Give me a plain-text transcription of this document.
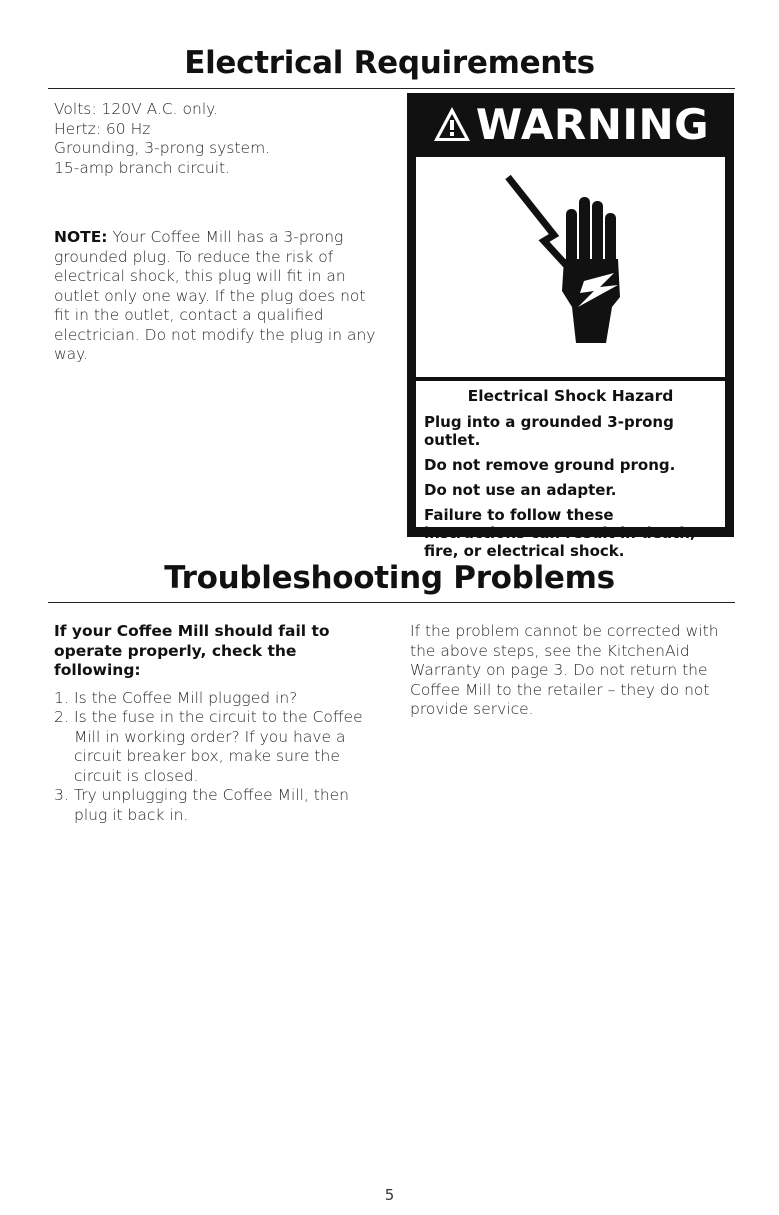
Electrical Requirements
Volts: 120V A.C. only.
Hertz: 60 Hz
Grounding, 3-prong system.
15-amp branch circuit.

NOTE: Your Coffee Mill has a 3-prong grounded plug. To reduce the risk of electrical shock, this plug will fit in an outlet only one way. If the plug does not fit in the outlet, contact a qualified electrician. Do not modify the plug in any way.

WARNING

Electrical Shock Hazard

Plug into a grounded 3-prong outlet.

Do not remove ground prong.

Do not use an adapter.

Failure to follow these instructions can result in death, fire, or electrical shock.

Troubleshooting Problems

If your Coffee Mill should fail to operate properly, check the following:

1. Is the Coffee Mill plugged in?
2. Is the fuse in the circuit to the Coffee Mill in working order? If you have a circuit breaker box, make sure the circuit is closed.
3. Try unplugging the Coffee Mill, then plug it back in.

If the problem cannot be corrected with the above steps, see the KitchenAid Warranty on page 3. Do not return the Coffee Mill to the retailer – they do not provide service.

5
